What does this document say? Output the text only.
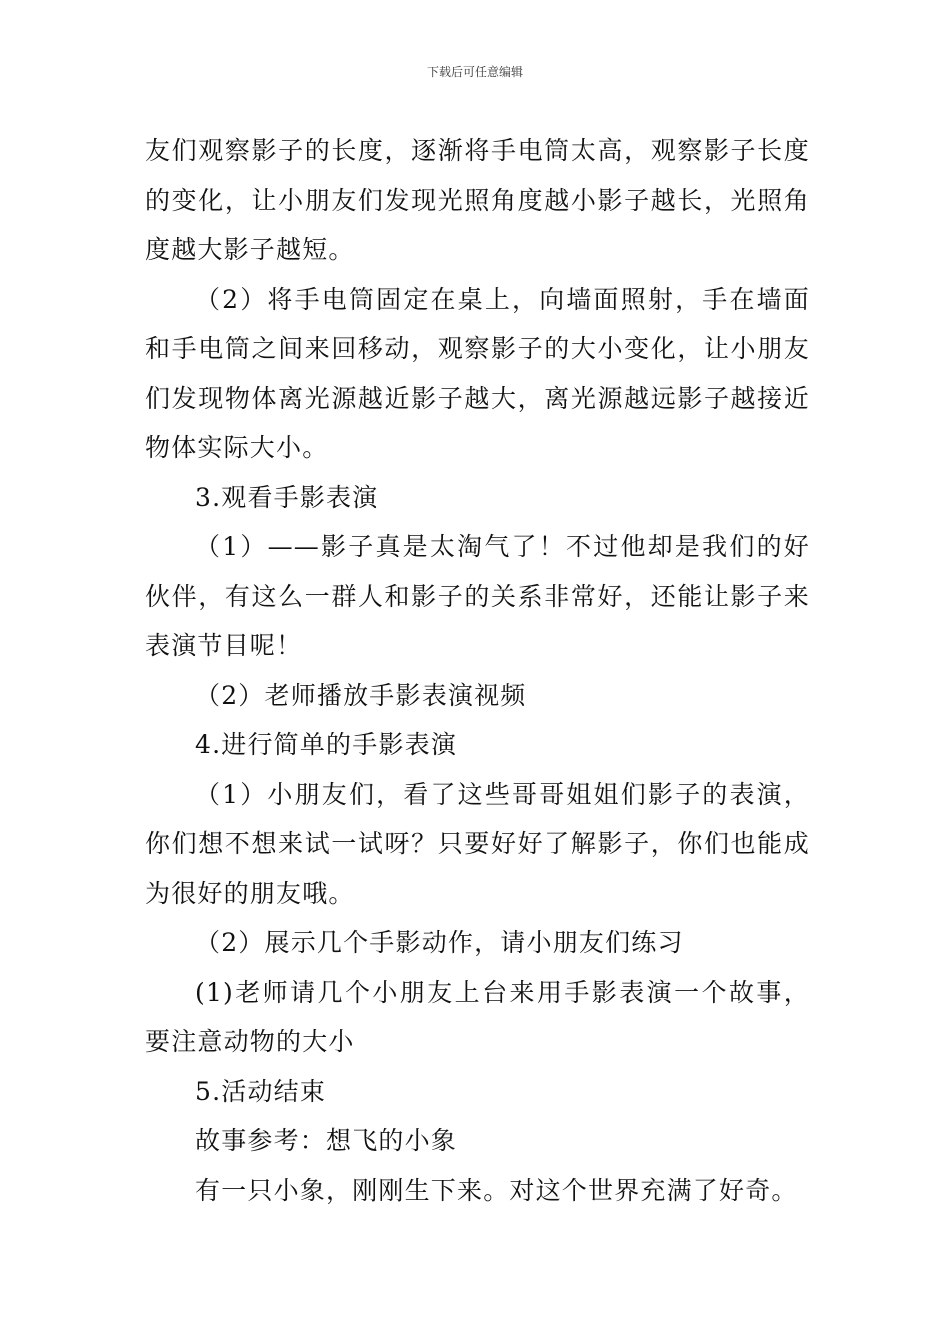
下载后可任意编辑

友们观察影子的长度，逐渐将手电筒太高，观察影子长度的变化，让小朋友们发现光照角度越小影子越长，光照角度越大影子越短。

（2）将手电筒固定在桌上，向墙面照射，手在墙面和手电筒之间来回移动，观察影子的大小变化，让小朋友们发现物体离光源越近影子越大，离光源越远影子越接近物体实际大小。

3.观看手影表演

（1）——影子真是太淘气了！不过他却是我们的好伙伴，有这么一群人和影子的关系非常好，还能让影子来表演节目呢！

（2）老师播放手影表演视频

4.进行简单的手影表演

（1）小朋友们，看了这些哥哥姐姐们影子的表演，你们想不想来试一试呀？只要好好了解影子，你们也能成为很好的朋友哦。

（2）展示几个手影动作，请小朋友们练习

(1)老师请几个小朋友上台来用手影表演一个故事，要注意动物的大小

5.活动结束

故事参考：想飞的小象

有一只小象，刚刚生下来。对这个世界充满了好奇。
